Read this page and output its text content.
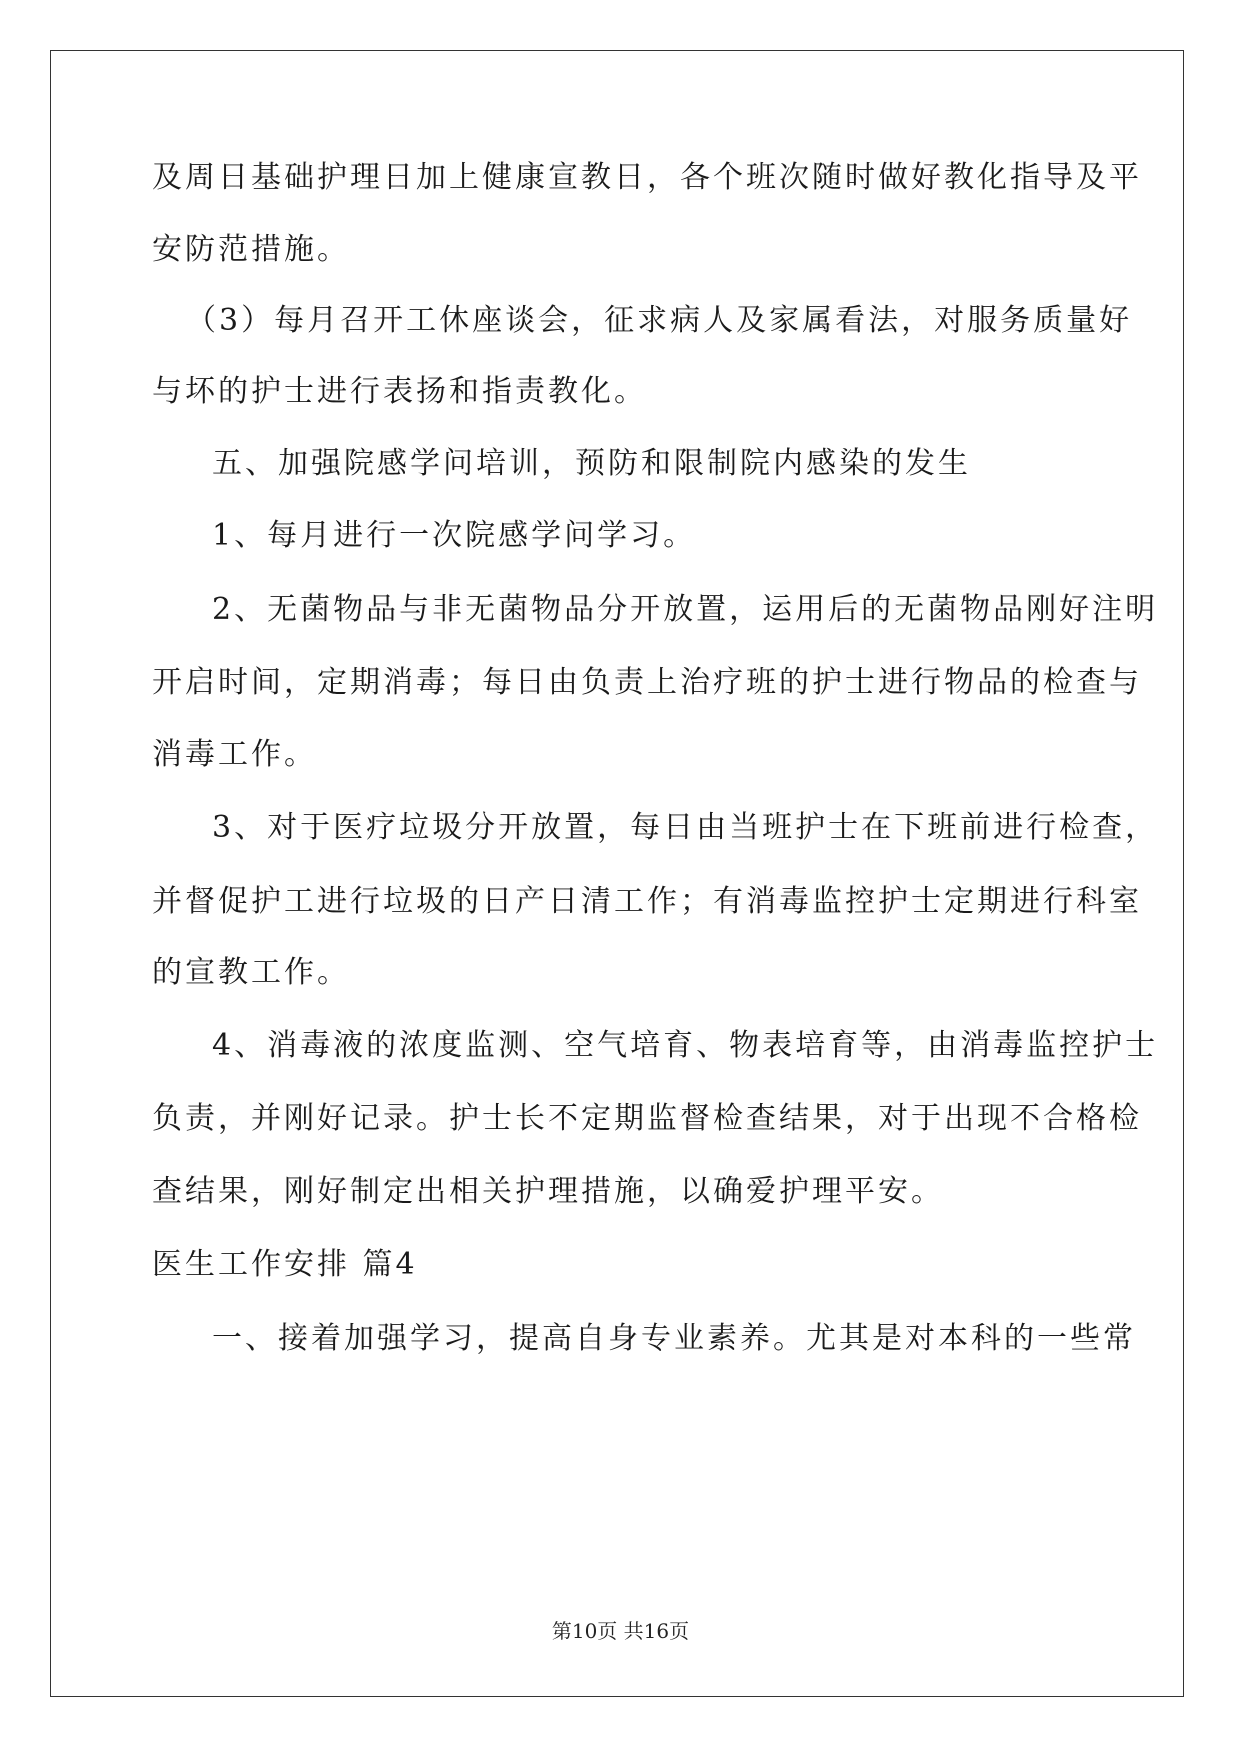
及周日基础护理日加上健康宣教日，各个班次随时做好教化指导及平
安防范措施。
（3）每月召开工休座谈会，征求病人及家属看法，对服务质量好
与坏的护士进行表扬和指责教化。
五、加强院感学问培训，预防和限制院内感染的发生
1、每月进行一次院感学问学习。
2、无菌物品与非无菌物品分开放置，运用后的无菌物品刚好注明
开启时间，定期消毒；每日由负责上治疗班的护士进行物品的检查与
消毒工作。
3、对于医疗垃圾分开放置，每日由当班护士在下班前进行检查，
并督促护工进行垃圾的日产日清工作；有消毒监控护士定期进行科室
的宣教工作。
4、消毒液的浓度监测、空气培育、物表培育等，由消毒监控护士
负责，并刚好记录。护士长不定期监督检查结果，对于出现不合格检
查结果，刚好制定出相关护理措施，以确爱护理平安。
医生工作安排 篇4
一、接着加强学习，提高自身专业素养。尤其是对本科的一些常
第10页 共16页
